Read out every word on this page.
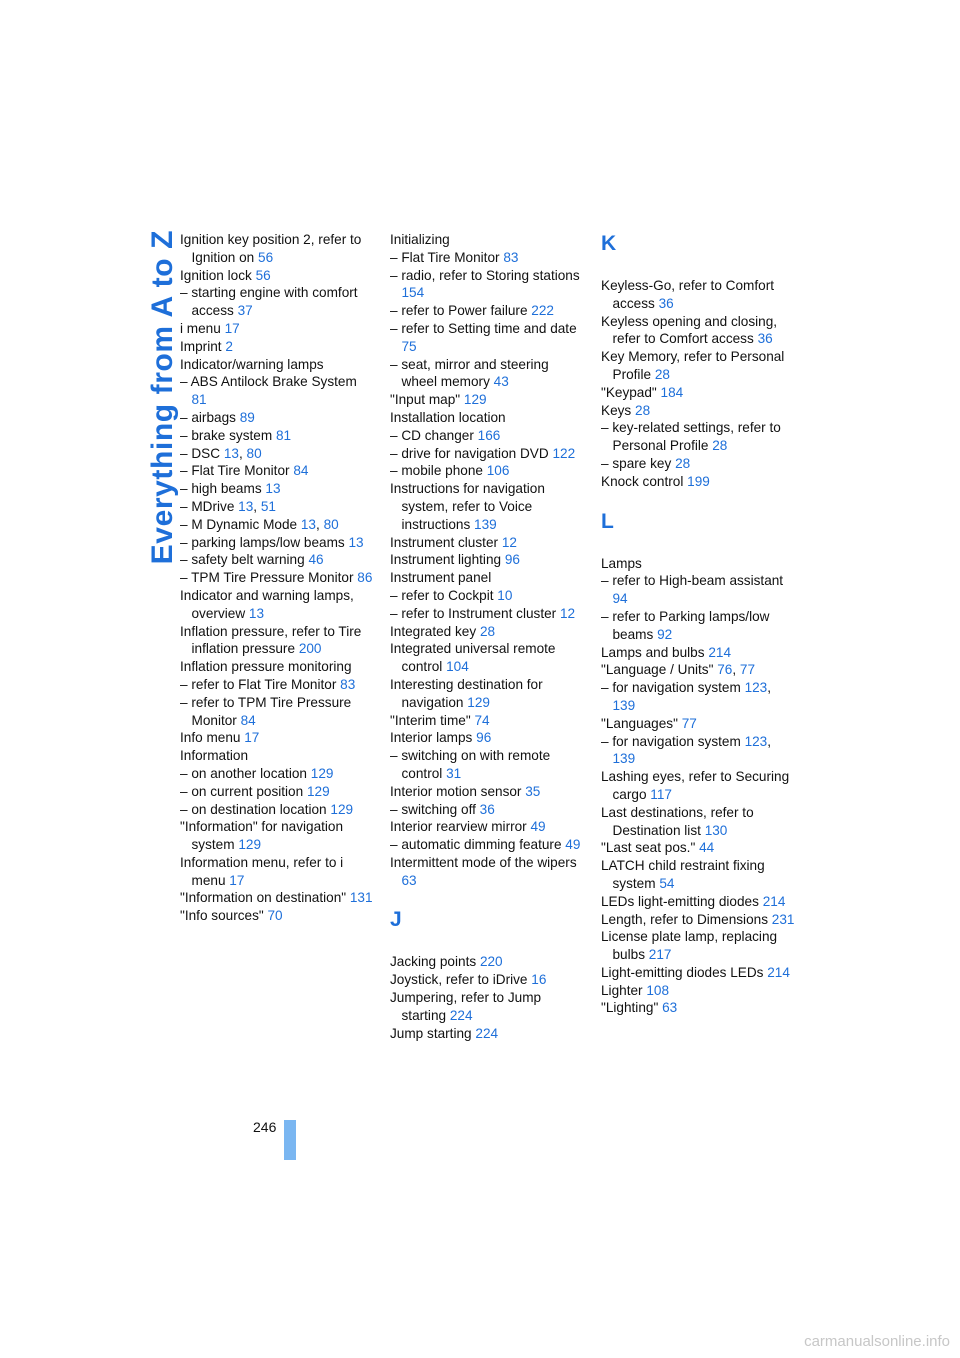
Everything from A to Z Ignition key position 2, refer to Ignition on 56
Ignition lock 56
– starting engine with comfort access 37
i menu 17
Imprint 2
Indicator/warning lamps
– ABS Antilock Brake System 81
– airbags 89
– brake system 81
– DSC 13, 80
– Flat Tire Monitor 84
– high beams 13
– MDrive 13, 51
– M Dynamic Mode 13, 80
– parking lamps/low beams 13
– safety belt warning 46
– TPM Tire Pressure Monitor 86
Indicator and warning lamps, overview 13
Inflation pressure, refer to Tire inflation pressure 200
Inflation pressure monitoring
– refer to Flat Tire Monitor 83
– refer to TPM Tire Pressure Monitor 84
Info menu 17
Information
– on another location 129
– on current position 129
– on destination location 129
"Information" for navigation system 129
Information menu, refer to i menu 17
"Information on destination" 131
"Info sources" 70
Initializing
– Flat Tire Monitor 83
– radio, refer to Storing stations 154
– refer to Power failure 222
– refer to Setting time and date 75
– seat, mirror and steering wheel memory 43
"Input map" 129
Installation location
– CD changer 166
– drive for navigation DVD 122
– mobile phone 106
Instructions for navigation system, refer to Voice instructions 139
Instrument cluster 12
Instrument lighting 96
Instrument panel
– refer to Cockpit 10
– refer to Instrument cluster 12
Integrated key 28
Integrated universal remote control 104
Interesting destination for navigation 129
"Interim time" 74
Interior lamps 96
– switching on with remote control 31
Interior motion sensor 35
– switching off 36
Interior rearview mirror 49
– automatic dimming feature 49
Intermittent mode of the wipers 63
J
Jacking points 220
Joystick, refer to iDrive 16
Jumpering, refer to Jump starting 224
Jump starting 224
K
Keyless-Go, refer to Comfort access 36
Keyless opening and closing, refer to Comfort access 36
Key Memory, refer to Personal Profile 28
"Keypad" 184
Keys 28
– key-related settings, refer to Personal Profile 28
– spare key 28
Knock control 199
L
Lamps
– refer to High-beam assistant 94
– refer to Parking lamps/low beams 92
Lamps and bulbs 214
"Language / Units" 76, 77
– for navigation system 123, 139
"Languages" 77
– for navigation system 123, 139
Lashing eyes, refer to Securing cargo 117
Last destinations, refer to Destination list 130
"Last seat pos." 44
LATCH child restraint fixing system 54
LEDs light-emitting diodes 214
Length, refer to Dimensions 231
License plate lamp, replacing bulbs 217
Light-emitting diodes LEDs 214
Lighter 108
"Lighting" 63
246
carmanualsonline.info
